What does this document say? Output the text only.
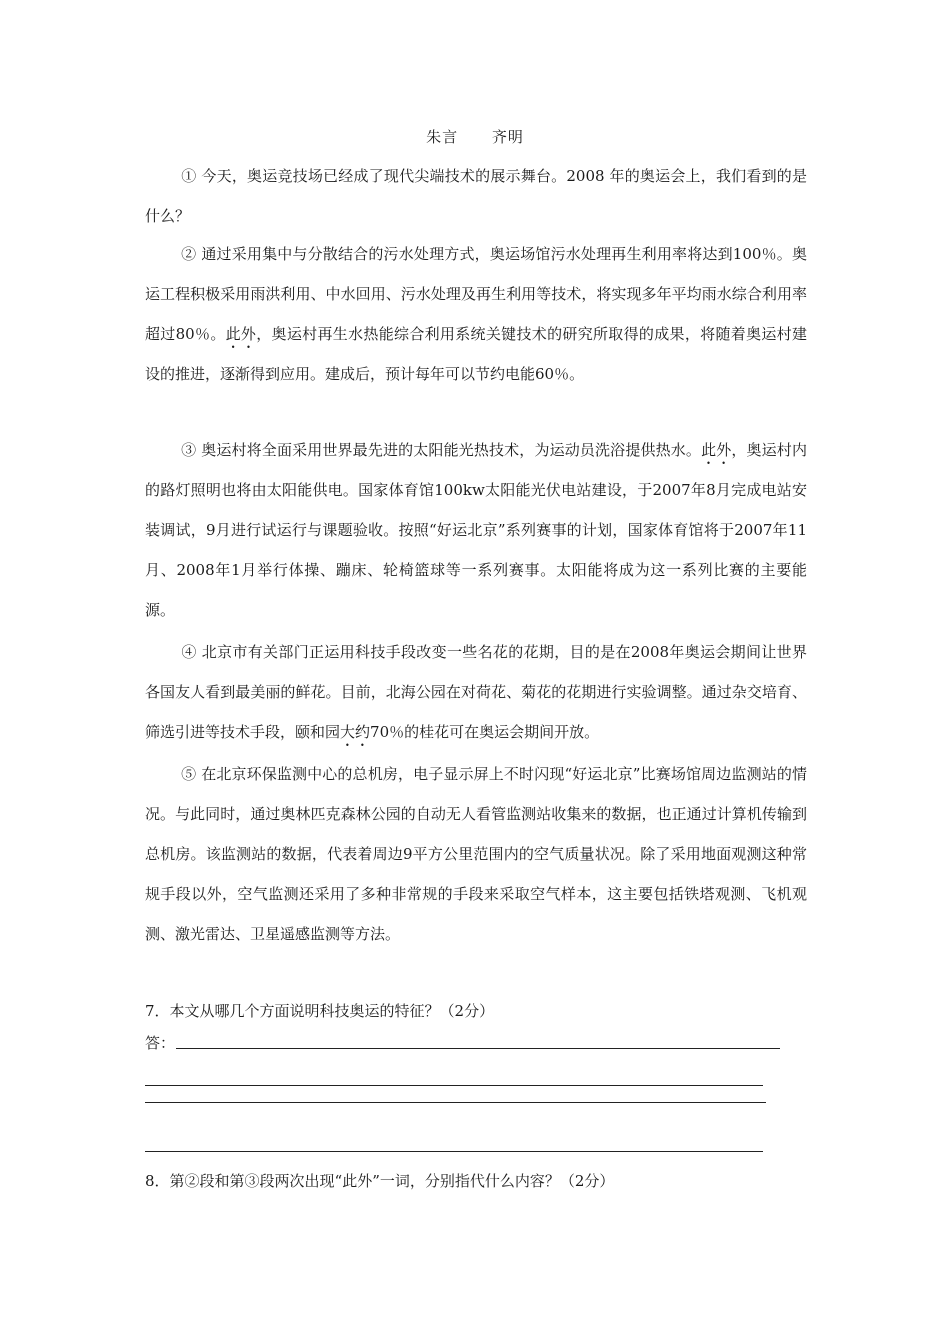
朱言 齐明

① 今天，奥运竞技场已经成了现代尖端技术的展示舞台。2008 年的奥运会上，我们看到的是什么？

② 通过采用集中与分散结合的污水处理方式，奥运场馆污水处理再生利用率将达到100％。奥运工程积极采用雨洪利用、中水回用、污水处理及再生利用等技术，将实现多年平均雨水综合利用率超过80％。此外，奥运村再生水热能综合利用系统关键技术的研究所取得的成果，将随着奥运村建设的推进，逐渐得到应用。建成后，预计每年可以节约电能60％。

③ 奥运村将全面采用世界最先进的太阳能光热技术，为运动员洗浴提供热水。此外，奥运村内的路灯照明也将由太阳能供电。国家体育馆100kw太阳能光伏电站建设，于2007年8月完成电站安装调试，9月进行试运行与课题验收。按照“好运北京”系列赛事的计划，国家体育馆将于2007年11月、2008年1月举行体操、蹦床、轮椅篮球等一系列赛事。太阳能将成为这一系列比赛的主要能源。

④ 北京市有关部门正运用科技手段改变一些名花的花期，目的是在2008年奥运会期间让世界各国友人看到最美丽的鲜花。目前，北海公园在对荷花、菊花的花期进行实验调整。通过杂交培育、筛选引进等技术手段，颐和园大约70％的桂花可在奥运会期间开放。

⑤ 在北京环保监测中心的总机房，电子显示屏上不时闪现“好运北京”比赛场馆周边监测站的情况。与此同时，通过奥林匹克森林公园的自动无人看管监测站收集来的数据，也正通过计算机传输到总机房。该监测站的数据，代表着周边9平方公里范围内的空气质量状况。除了采用地面观测这种常规手段以外，空气监测还采用了多种非常规的手段来采取空气样本，这主要包括铁塔观测、飞机观测、激光雷达、卫星遥感监测等方法。

7．本文从哪几个方面说明科技奥运的特征？（2分）

答：

8．第②段和第③段两次出现“此外”一词，分别指代什么内容？（2分）
